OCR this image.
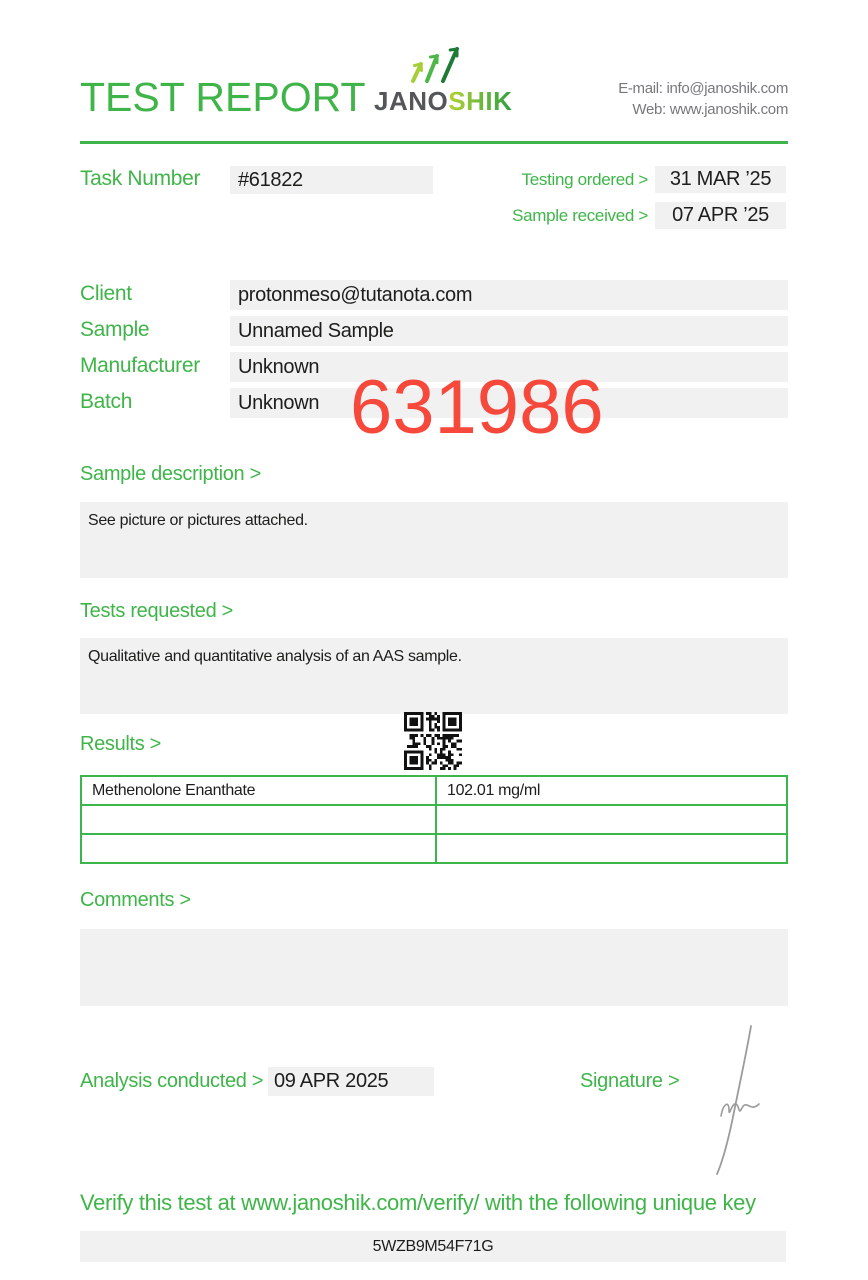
TEST REPORT JANOSHIK	E-mail: info@janoshik.com
Web: www.janoshik.com
Task Number	#61822	Testing ordered >	31 MAR ’25
Sample received >	07 APR ’25
Client	protonmeso@tutanota.com
Sample	Unnamed Sample
Manufacturer	Unknown
Batch	Unknown 631986
Sample description >
See picture or pictures attached.
Tests requested >
Qualitative and quantitative analysis of an AAS sample.
Results >
Methenolone Enanthate	102.01 mg/ml

Comments >
Analysis conducted > 09 APR 2025	Signature >
Verify this test at www.janoshik.com/verify/ with the following unique key
5WZB9M54F71G
